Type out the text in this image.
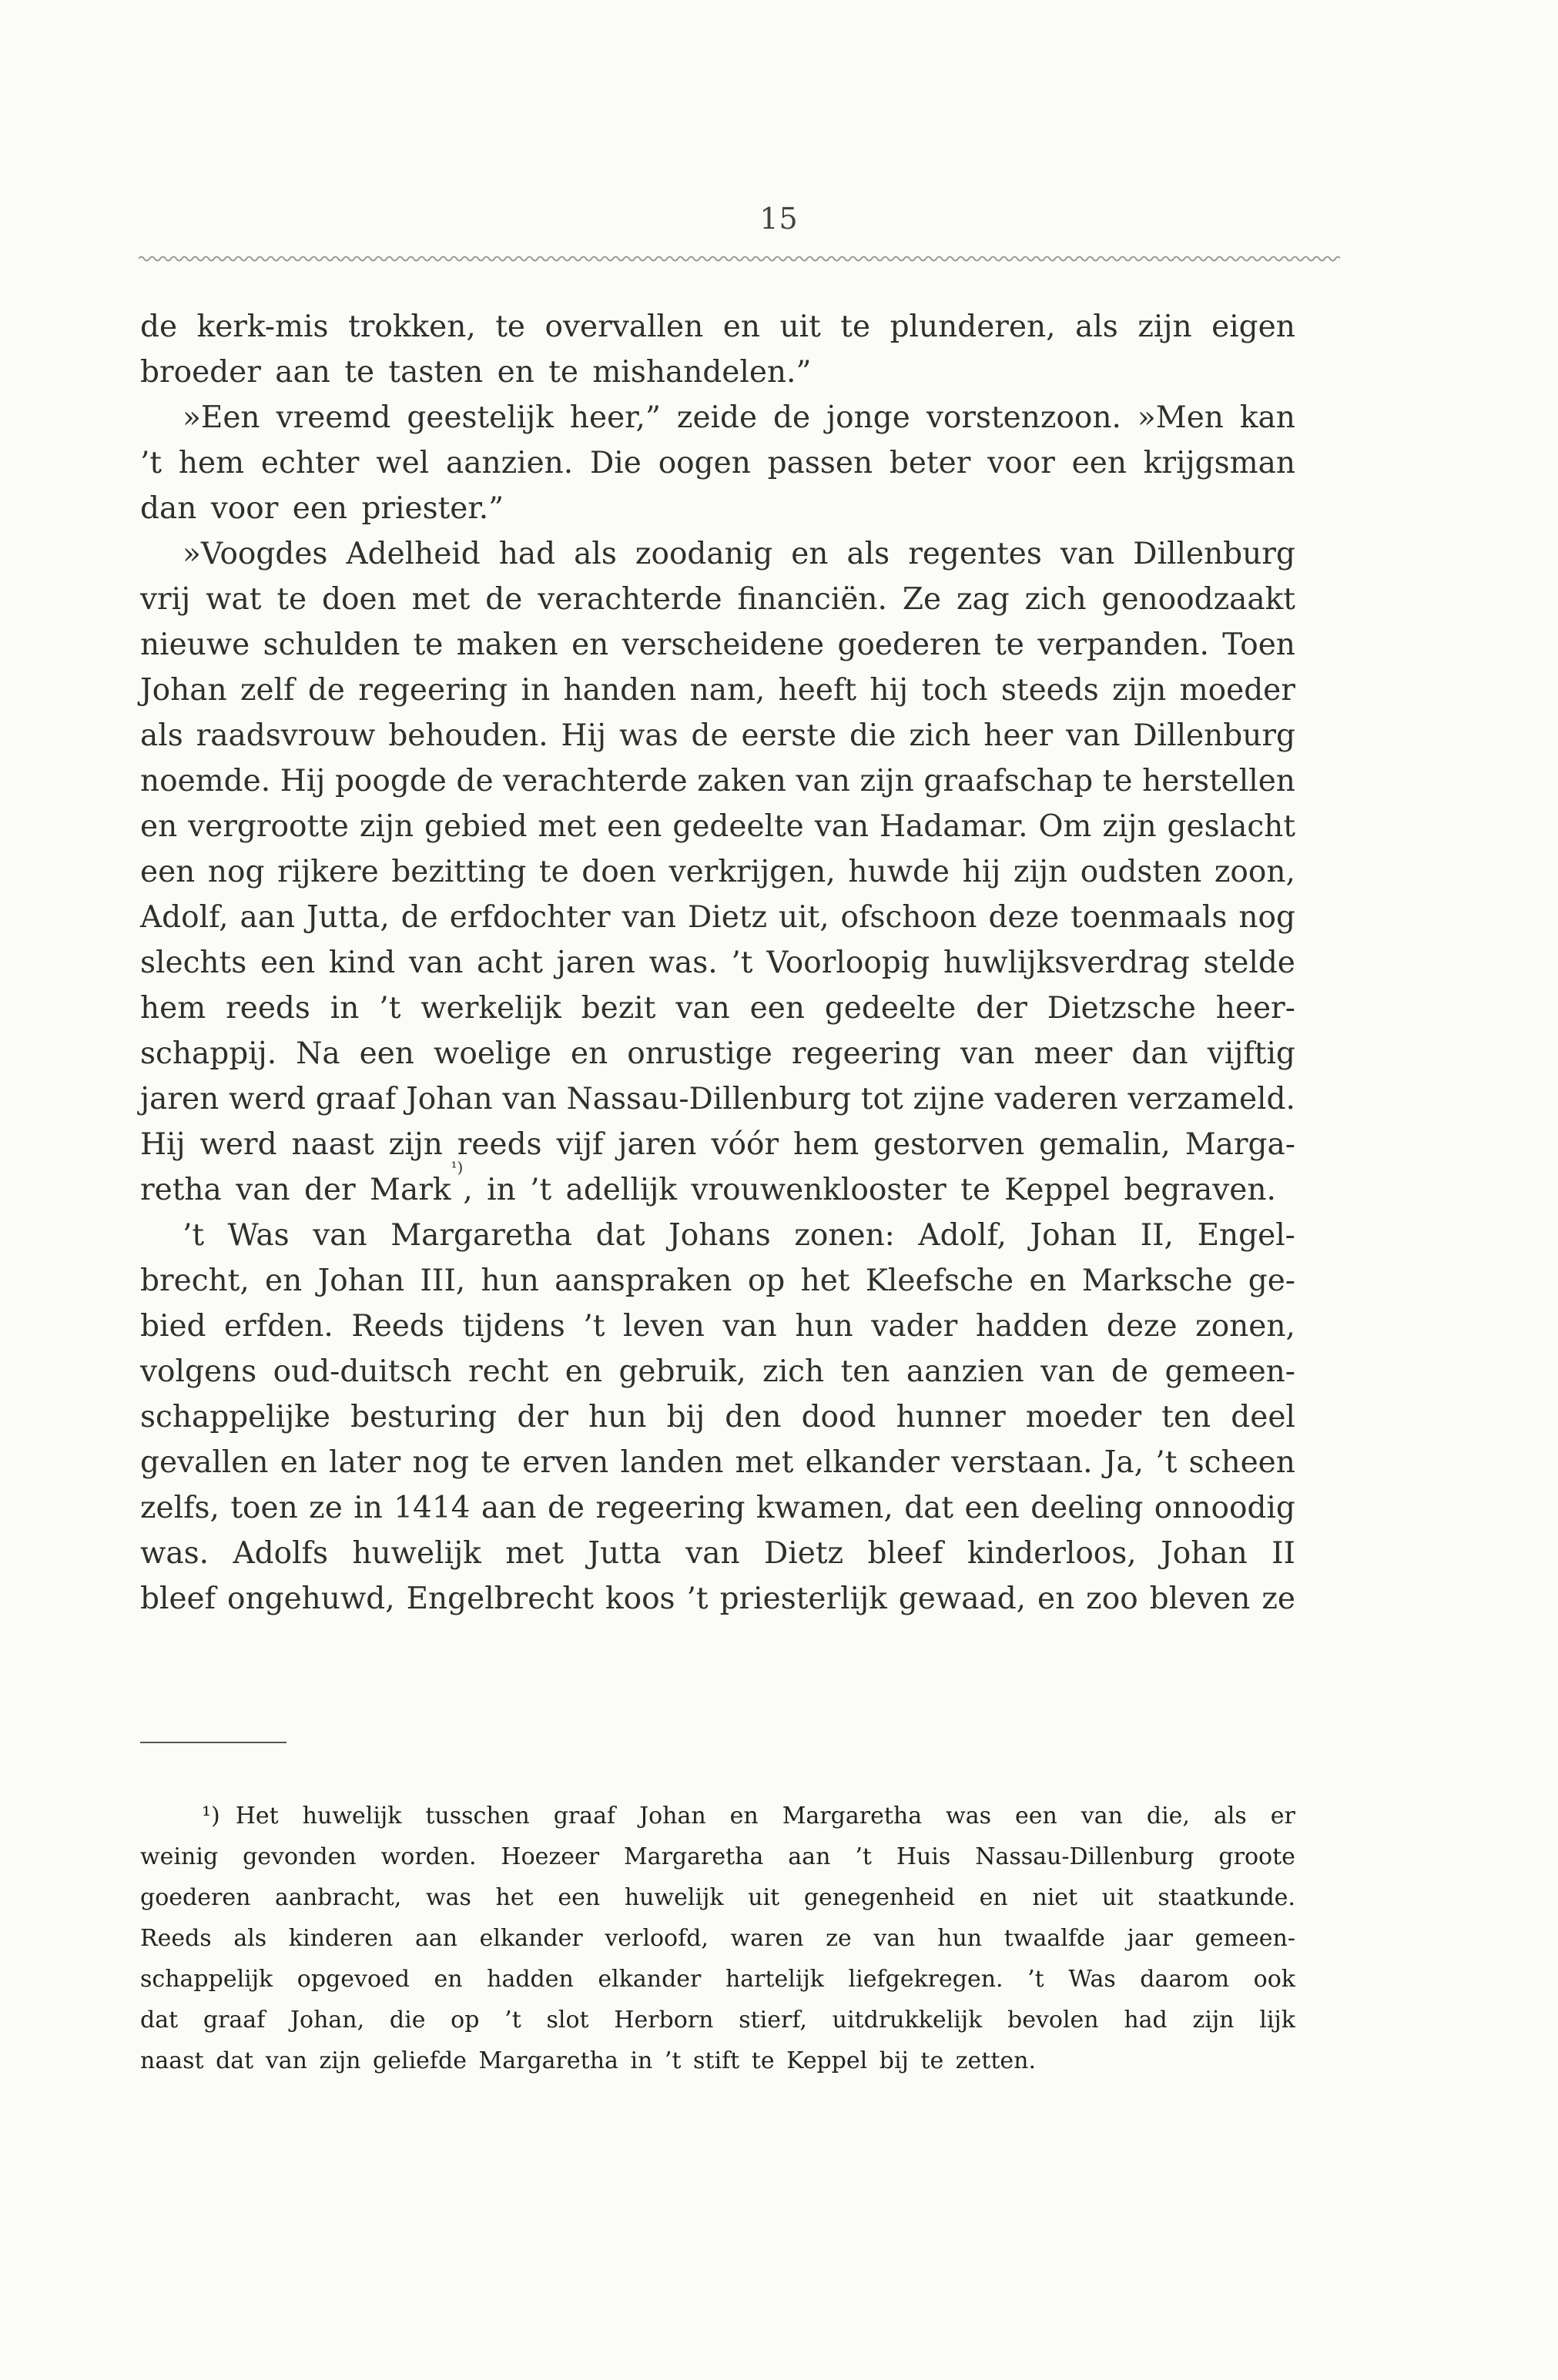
15
de kerk-mis trokken, te overvallen en uit te plunderen, als zijn eigen
broeder aan te tasten en te mishandelen.”
»Een vreemd geestelijk heer,” zeide de jonge vorstenzoon. »Men kan
’t hem echter wel aanzien. Die oogen passen beter voor een krijgsman
dan voor een priester.”
»Voogdes Adelheid had als zoodanig en als regentes van Dillenburg
vrij wat te doen met de verachterde financiën. Ze zag zich genoodzaakt
nieuwe schulden te maken en verscheidene goederen te verpanden. Toen
Johan zelf de regeering in handen nam, heeft hij toch steeds zijn moeder
als raadsvrouw behouden. Hij was de eerste die zich heer van Dillenburg
noemde. Hij poogde de verachterde zaken van zijn graafschap te herstellen
en vergrootte zijn gebied met een gedeelte van Hadamar. Om zijn geslacht
een nog rijkere bezitting te doen verkrijgen, huwde hij zijn oudsten zoon,
Adolf, aan Jutta, de erfdochter van Dietz uit, ofschoon deze toenmaals nog
slechts een kind van acht jaren was. ’t Voorloopig huwlijksverdrag stelde
hem reeds in ’t werkelijk bezit van een gedeelte der Dietzsche heer-
schappij. Na een woelige en onrustige regeering van meer dan vijftig
jaren werd graaf Johan van Nassau-Dillenburg tot zijne vaderen verzameld.
Hij werd naast zijn reeds vijf jaren vóór hem gestorven gemalin, Marga-
retha van der Mark
¹)
, in ’t adellijk vrouwenklooster te Keppel begraven.
’t Was van Margaretha dat Johans zonen: Adolf, Johan II, Engel-
brecht, en Johan III, hun aanspraken op het Kleefsche en Marksche ge-
bied erfden. Reeds tijdens ’t leven van hun vader hadden deze zonen,
volgens oud-duitsch recht en gebruik, zich ten aanzien van de gemeen-
schappelijke besturing der hun bij den dood hunner moeder ten deel
gevallen en later nog te erven landen met elkander verstaan. Ja, ’t scheen
zelfs, toen ze in 1414 aan de regeering kwamen, dat een deeling onnoodig
was. Adolfs huwelijk met Jutta van Dietz bleef kinderloos, Johan II
bleef ongehuwd, Engelbrecht koos ’t priesterlijk gewaad, en zoo bleven ze
¹) Het huwelijk tusschen graaf Johan en Margaretha was een van die, als er
weinig gevonden worden. Hoezeer Margaretha aan ’t Huis Nassau-Dillenburg groote
goederen aanbracht, was het een huwelijk uit genegenheid en niet uit staatkunde.
Reeds als kinderen aan elkander verloofd, waren ze van hun twaalfde jaar gemeen-
schappelijk opgevoed en hadden elkander hartelijk liefgekregen. ’t Was daarom ook
dat graaf Johan, die op ’t slot Herborn stierf, uitdrukkelijk bevolen had zijn lijk
naast dat van zijn geliefde Margaretha in ’t stift te Keppel bij te zetten.
